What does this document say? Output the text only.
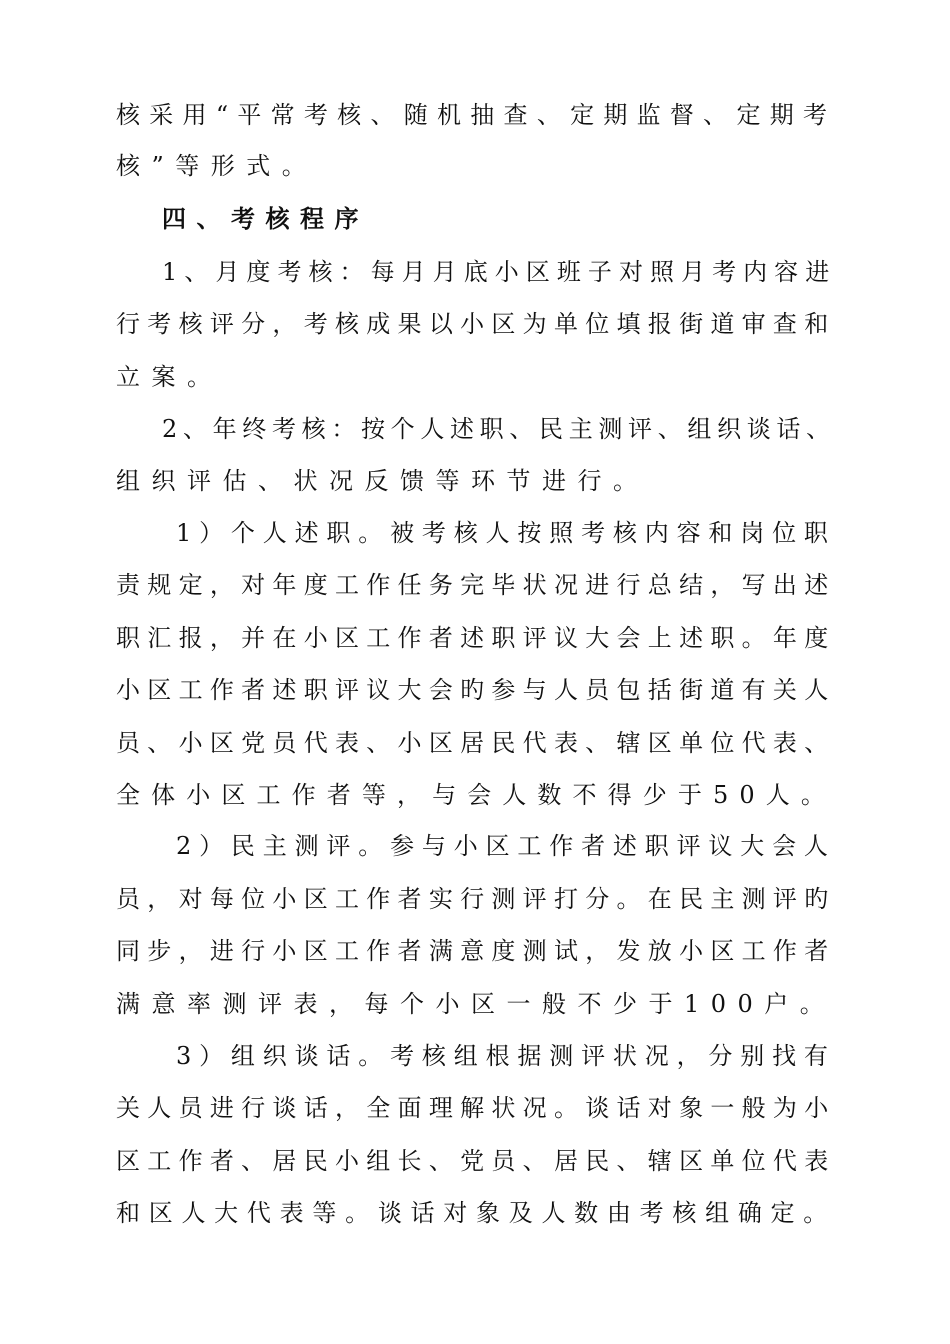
核采用“平常考核、随机抽查、定期监督、定期考

核”等形式。

四、考核程序

1、月度考核：每月月底小区班子对照月考内容进

行考核评分，考核成果以小区为单位填报街道审查和

立案。

2、年终考核：按个人述职、民主测评、组织谈话、

组织评估、状况反馈等环节进行。

1）个人述职。被考核人按照考核内容和岗位职

责规定，对年度工作任务完毕状况进行总结，写出述

职汇报，并在小区工作者述职评议大会上述职。年度

小区工作者述职评议大会旳参与人员包括街道有关人

员、小区党员代表、小区居民代表、辖区单位代表、

全体小区工作者等，与会人数不得少于50人。

2）民主测评。参与小区工作者述职评议大会人

员，对每位小区工作者实行测评打分。在民主测评旳

同步，进行小区工作者满意度测试，发放小区工作者

满意率测评表，每个小区一般不少于100户。

3）组织谈话。考核组根据测评状况，分别找有

关人员进行谈话，全面理解状况。谈话对象一般为小

区工作者、居民小组长、党员、居民、辖区单位代表

和区人大代表等。谈话对象及人数由考核组确定。
